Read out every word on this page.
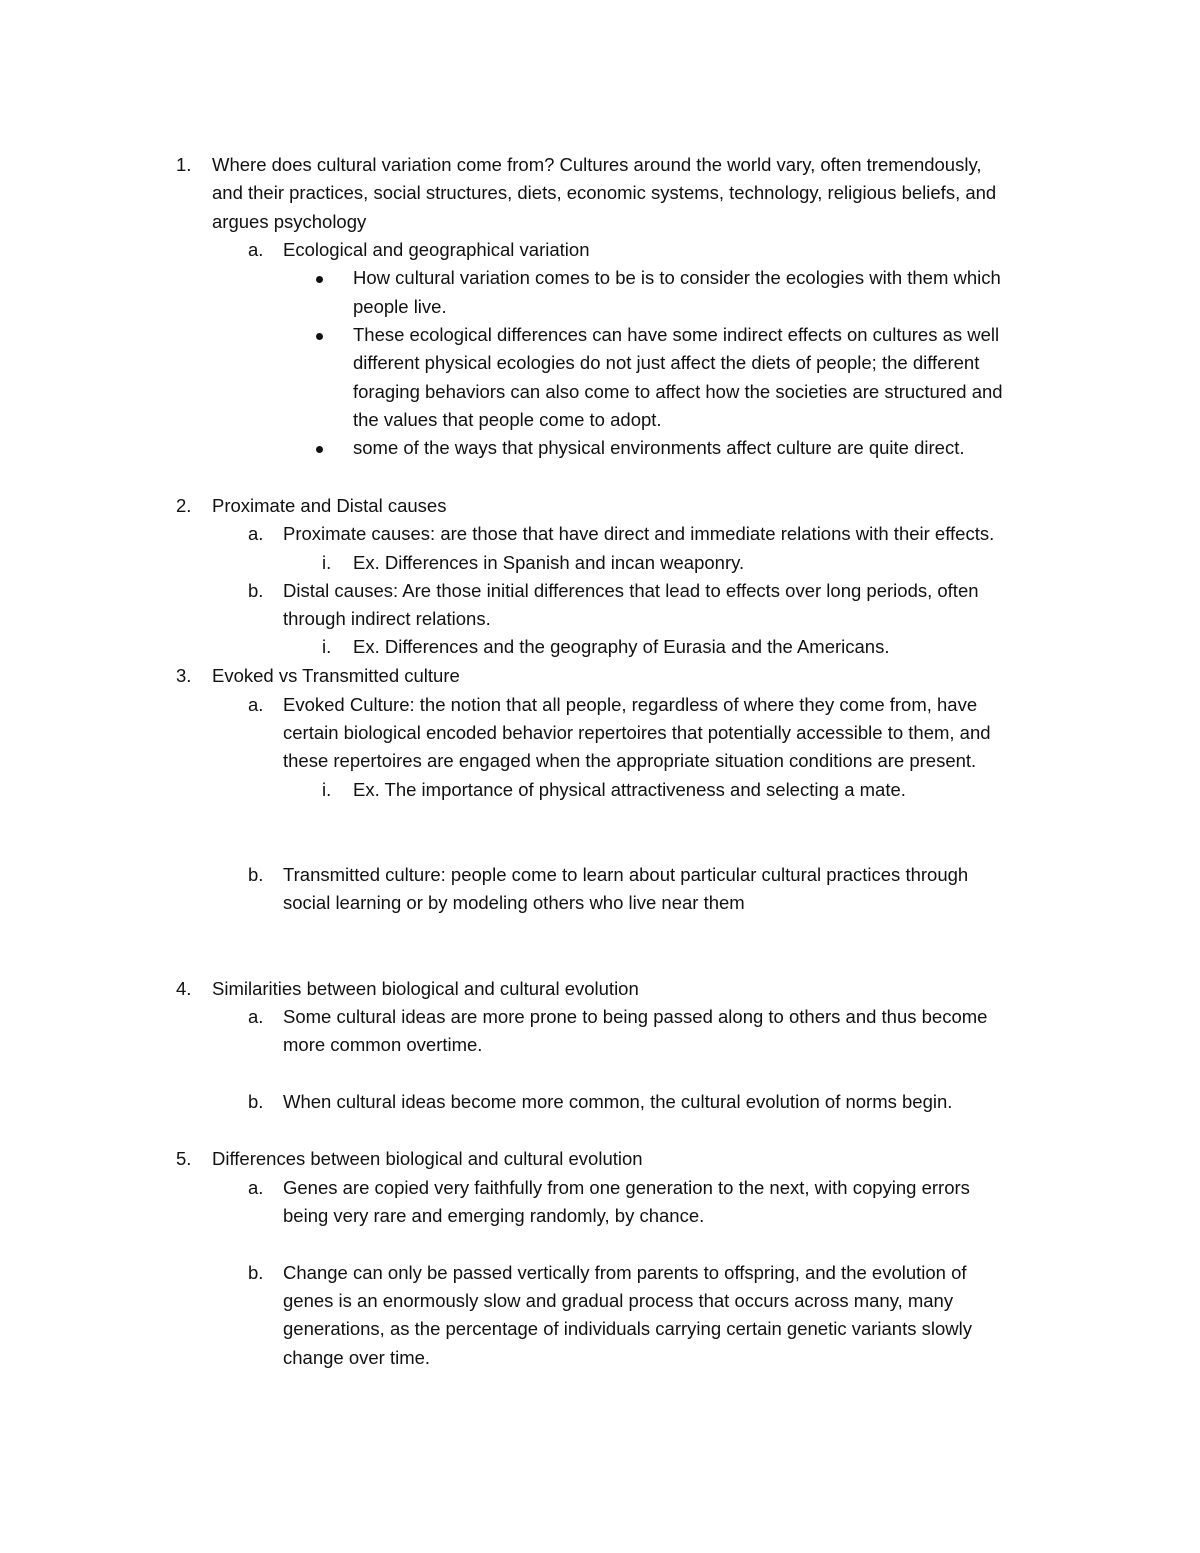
1. Where does cultural variation come from? Cultures around the world vary, often tremendously,
and their practices, social structures, diets, economic systems, technology, religious beliefs, and
argues psychology
a. Ecological and geographical variation
How cultural variation comes to be is to consider the ecologies with them which
people live.
These ecological differences can have some indirect effects on cultures as well
different physical ecologies do not just affect the diets of people; the different
foraging behaviors can also come to affect how the societies are structured and
the values that people come to adopt.
some of the ways that physical environments affect culture are quite direct.
2. Proximate and Distal causes
a. Proximate causes: are those that have direct and immediate relations with their effects.
i. Ex. Differences in Spanish and incan weaponry.
b. Distal causes: Are those initial differences that lead to effects over long periods, often
through indirect relations.
i. Ex. Differences and the geography of Eurasia and the Americans.
3. Evoked vs Transmitted culture
a. Evoked Culture: the notion that all people, regardless of where they come from, have
certain biological encoded behavior repertoires that potentially accessible to them, and
these repertoires are engaged when the appropriate situation conditions are present.
i. Ex. The importance of physical attractiveness and selecting a mate.
b. Transmitted culture: people come to learn about particular cultural practices through
social learning or by modeling others who live near them
4. Similarities between biological and cultural evolution
a. Some cultural ideas are more prone to being passed along to others and thus become
more common overtime.
b. When cultural ideas become more common, the cultural evolution of norms begin.
5. Differences between biological and cultural evolution
a. Genes are copied very faithfully from one generation to the next, with copying errors
being very rare and emerging randomly, by chance.
b. Change can only be passed vertically from parents to offspring, and the evolution of
genes is an enormously slow and gradual process that occurs across many, many
generations, as the percentage of individuals carrying certain genetic variants slowly
change over time.
